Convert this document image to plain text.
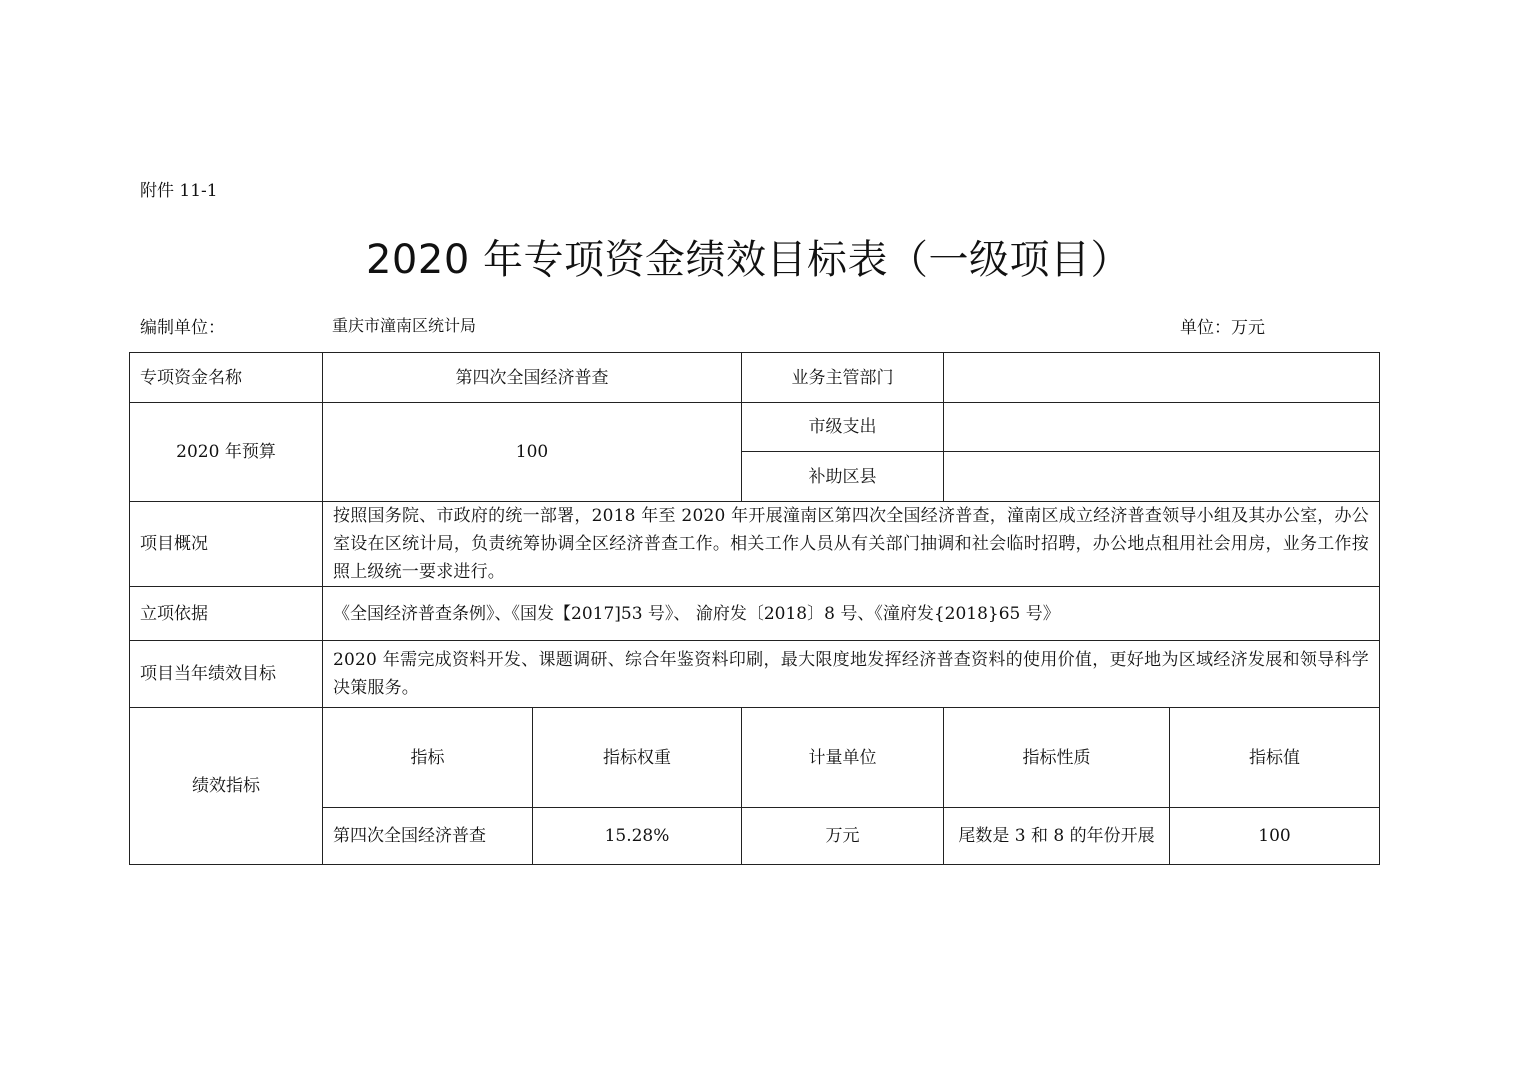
附件 11-1
2020 年专项资金绩效目标表（一级项目）
编制单位：	重庆市潼南区统计局	单位：万元
专项资金名称	第四次全国经济普查		业务主管部门		
2020 年预算	100		市级支出		
			补助区县		
项目概况	按照国务院、市政府的统一部署，2018 年至 2020 年开展潼南区第四次全国经济普查，潼南区成立经济普查领导小组及其办公室，办公室设在区统计局，负责统筹协调全区经济普查工作。相关工作人员从有关部门抽调和社会临时招聘，办公地点租用社会用房，业务工作按照上级统一要求进行。				
立项依据	《全国经济普查条例》、《国发【2017]53 号》、 渝府发〔2018〕8 号、《潼府发{2018}65 号》				
项目当年绩效目标	2020 年需完成资料开发、课题调研、综合年鉴资料印刷，最大限度地发挥经济普查资料的使用价值，更好地为区域经济发展和领导科学决策服务。				
绩效指标	指标	指标权重	计量单位	指标性质	指标值
	第四次全国经济普查	15.28%	万元	尾数是 3 和 8 的年份开展	100
